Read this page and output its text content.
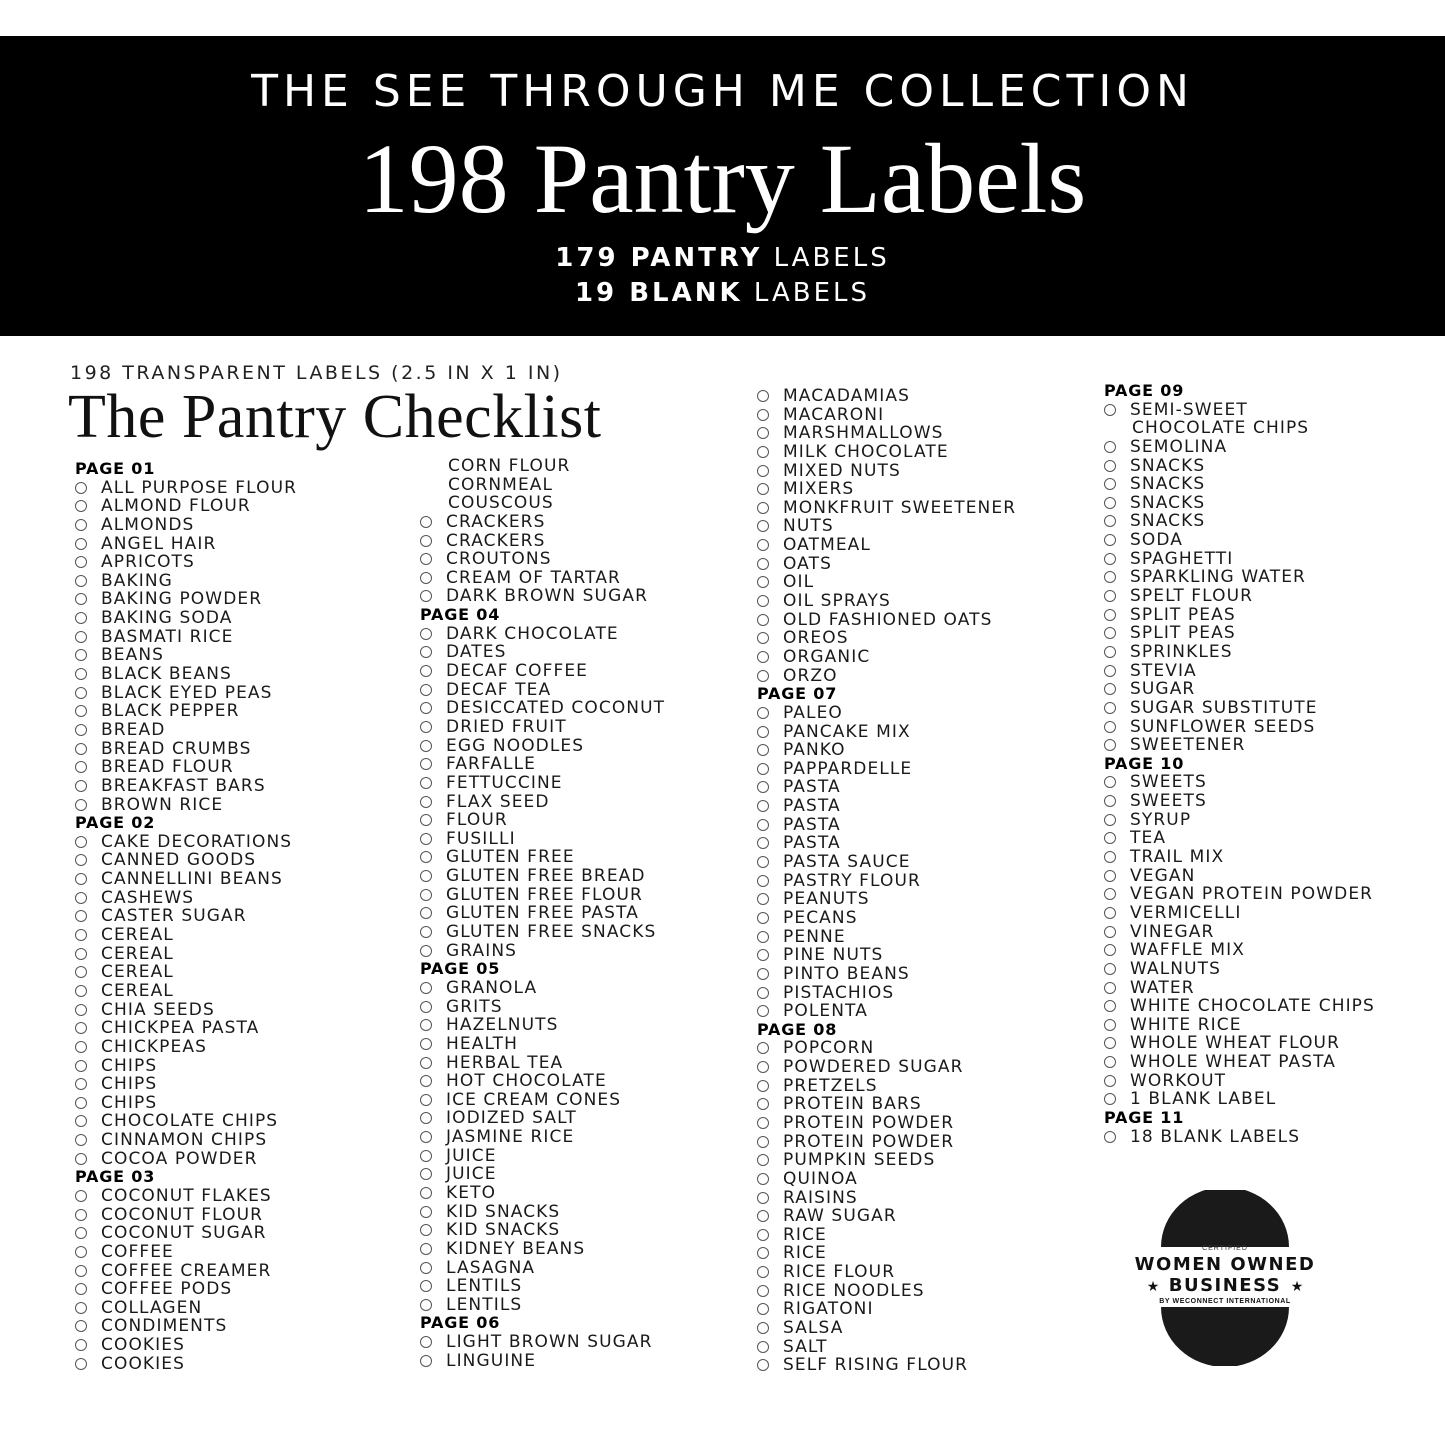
THE SEE THROUGH ME COLLECTION
198 Pantry Labels
179 PANTRY LABELS
19 BLANK LABELS
198 TRANSPARENT LABELS (2.5 IN X 1 IN)
The Pantry Checklist
PAGE 01
ALL PURPOSE FLOUR
ALMOND FLOUR
ALMONDS
ANGEL HAIR
APRICOTS
BAKING
BAKING POWDER
BAKING SODA
BASMATI RICE
BEANS
BLACK BEANS
BLACK EYED PEAS
BLACK PEPPER
BREAD
BREAD CRUMBS
BREAD FLOUR
BREAKFAST BARS
BROWN RICE
PAGE 02
CAKE DECORATIONS
CANNED GOODS
CANNELLINI BEANS
CASHEWS
CASTER SUGAR
CEREAL
CEREAL
CEREAL
CEREAL
CHIA SEEDS
CHICKPEA PASTA
CHICKPEAS
CHIPS
CHIPS
CHIPS
CHOCOLATE CHIPS
CINNAMON CHIPS
COCOA POWDER
PAGE 03
COCONUT FLAKES
COCONUT FLOUR
COCONUT SUGAR
COFFEE
COFFEE CREAMER
COFFEE PODS
COLLAGEN
CONDIMENTS
COOKIES
COOKIES
CORN FLOUR
CORNMEAL
COUSCOUS
CRACKERS
CRACKERS
CROUTONS
CREAM OF TARTAR
DARK BROWN SUGAR
PAGE 04
DARK CHOCOLATE
DATES
DECAF COFFEE
DECAF TEA
DESICCATED COCONUT
DRIED FRUIT
EGG NOODLES
FARFALLE
FETTUCCINE
FLAX SEED
FLOUR
FUSILLI
GLUTEN FREE
GLUTEN FREE BREAD
GLUTEN FREE FLOUR
GLUTEN FREE PASTA
GLUTEN FREE SNACKS
GRAINS
PAGE 05
GRANOLA
GRITS
HAZELNUTS
HEALTH
HERBAL TEA
HOT CHOCOLATE
ICE CREAM CONES
IODIZED SALT
JASMINE RICE
JUICE
JUICE
KETO
KID SNACKS
KID SNACKS
KIDNEY BEANS
LASAGNA
LENTILS
LENTILS
PAGE 06
LIGHT BROWN SUGAR
LINGUINE
MACADAMIAS
MACARONI
MARSHMALLOWS
MILK CHOCOLATE
MIXED NUTS
MIXERS
MONKFRUIT SWEETENER
NUTS
OATMEAL
OATS
OIL
OIL SPRAYS
OLD FASHIONED OATS
OREOS
ORGANIC
ORZO
PAGE 07
PALEO
PANCAKE MIX
PANKO
PAPPARDELLE
PASTA
PASTA
PASTA
PASTA
PASTA SAUCE
PASTRY FLOUR
PEANUTS
PECANS
PENNE
PINE NUTS
PINTO BEANS
PISTACHIOS
POLENTA
PAGE 08
POPCORN
POWDERED SUGAR
PRETZELS
PROTEIN BARS
PROTEIN POWDER
PROTEIN POWDER
PUMPKIN SEEDS
QUINOA
RAISINS
RAW SUGAR
RICE
RICE
RICE FLOUR
RICE NOODLES
RIGATONI
SALSA
SALT
SELF RISING FLOUR
PAGE 09
SEMI-SWEET
CHOCOLATE CHIPS
SEMOLINA
SNACKS
SNACKS
SNACKS
SNACKS
SODA
SPAGHETTI
SPARKLING WATER
SPELT FLOUR
SPLIT PEAS
SPLIT PEAS
SPRINKLES
STEVIA
SUGAR
SUGAR SUBSTITUTE
SUNFLOWER SEEDS
SWEETENER
PAGE 10
SWEETS
SWEETS
SYRUP
TEA
TRAIL MIX
VEGAN
VEGAN PROTEIN POWDER
VERMICELLI
VINEGAR
WAFFLE MIX
WALNUTS
WATER
WHITE CHOCOLATE CHIPS
WHITE RICE
WHOLE WHEAT FLOUR
WHOLE WHEAT PASTA
WORKOUT
1 BLANK LABEL
PAGE 11
18 BLANK LABELS
CERTIFIED
WOMEN OWNED
BUSINESS
★	★
BY WECONNECT INTERNATIONAL
